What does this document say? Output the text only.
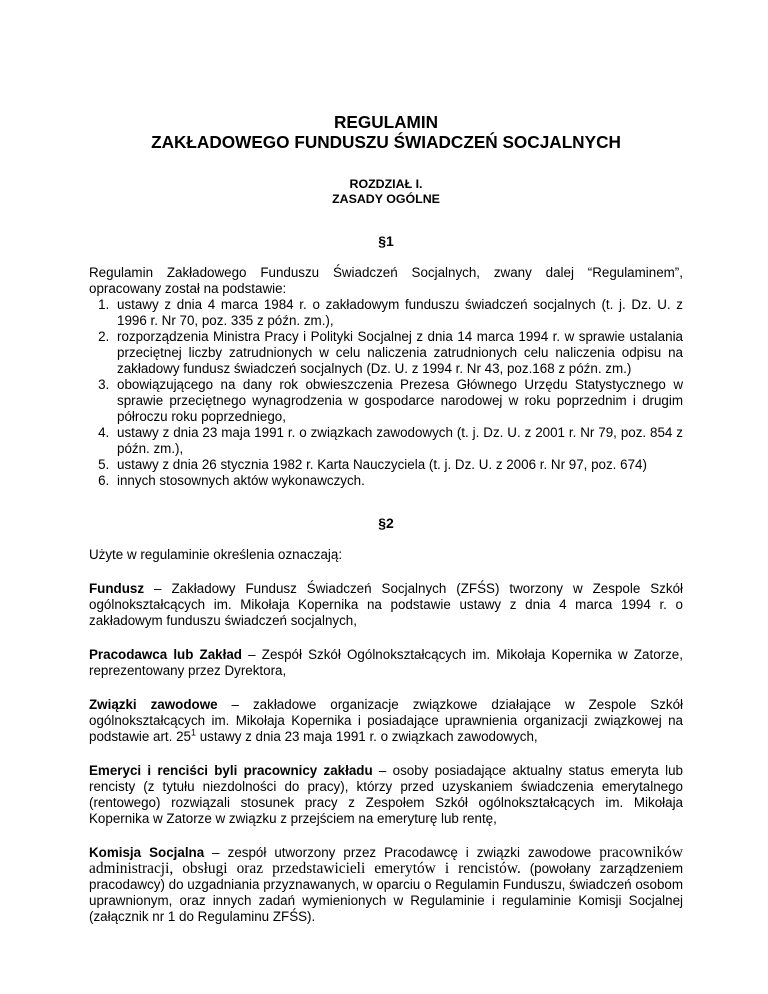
REGULAMIN
ZAKŁADOWEGO FUNDUSZU ŚWIADCZEŃ SOCJALNYCH
ROZDZIAŁ I.
ZASADY OGÓLNE
§1

Regulamin Zakładowego Funduszu Świadczeń Socjalnych, zwany dalej “Regulaminem”, opracowany został na podstawie:

1. ustawy z dnia 4 marca 1984 r. o zakładowym funduszu świadczeń socjalnych (t. j. Dz. U. z 1996 r. Nr 70, poz. 335 z późn. zm.),
2. rozporządzenia Ministra Pracy i Polityki Socjalnej z dnia 14 marca 1994 r. w sprawie ustalania przeciętnej liczby zatrudnionych w celu naliczenia zatrudnionych celu naliczenia odpisu na zakładowy fundusz świadczeń socjalnych (Dz. U. z 1994 r. Nr 43, poz.168 z późn. zm.)
3. obowiązującego na dany rok obwieszczenia Prezesa Głównego Urzędu Statystycznego w sprawie przeciętnego wynagrodzenia w gospodarce narodowej w roku poprzednim i drugim półroczu roku poprzedniego,
4. ustawy z dnia 23 maja 1991 r. o związkach zawodowych (t. j. Dz. U. z 2001 r. Nr 79, poz. 854 z późn. zm.),
5. ustawy z dnia 26 stycznia 1982 r. Karta Nauczyciela (t. j. Dz. U. z 2006 r. Nr 97, poz. 674)
6. innych stosownych aktów wykonawczych.
§2

Użyte w regulaminie określenia oznaczają:

Fundusz – Zakładowy Fundusz Świadczeń Socjalnych (ZFŚS) tworzony w Zespole Szkół ogólnokształcących im. Mikołaja Kopernika na podstawie ustawy z dnia 4 marca 1994 r. o zakładowym funduszu świadczeń socjalnych,

Pracodawca lub Zakład – Zespół Szkół Ogólnokształcących im. Mikołaja Kopernika w Zatorze, reprezentowany przez Dyrektora,

Związki zawodowe – zakładowe organizacje związkowe działające w Zespole Szkół ogólnokształcących im. Mikołaja Kopernika i posiadające uprawnienia organizacji związkowej na podstawie art. $25^1$ ustawy z dnia 23 maja 1991 r. o związkach zawodowych,

Emeryci i renciści byli pracownicy zakładu – osoby posiadające aktualny status emeryta lub rencisty (z tytułu niezdolności do pracy), którzy przed uzyskaniem świadczenia emerytalnego (rentowego) rozwiązali stosunek pracy z Zespołem Szkół ogólnokształcących im. Mikołaja Kopernika w Zatorze w związku z przejściem na emeryturę lub rentę,

Komisja Socjalna – zespół utworzony przez Pracodawcę i związki zawodowe pracowników administracji, obsługi oraz przedstawicieli emerytów i rencistów. (powołany zarządzeniem pracodawcy) do uzgadniania przyznawanych, w oparciu o Regulamin Funduszu, świadczeń osobom uprawnionym, oraz innych zadań wymienionych w Regulaminie i regulaminie Komisji Socjalnej (załącznik nr 1 do Regulaminu ZFŚS).
